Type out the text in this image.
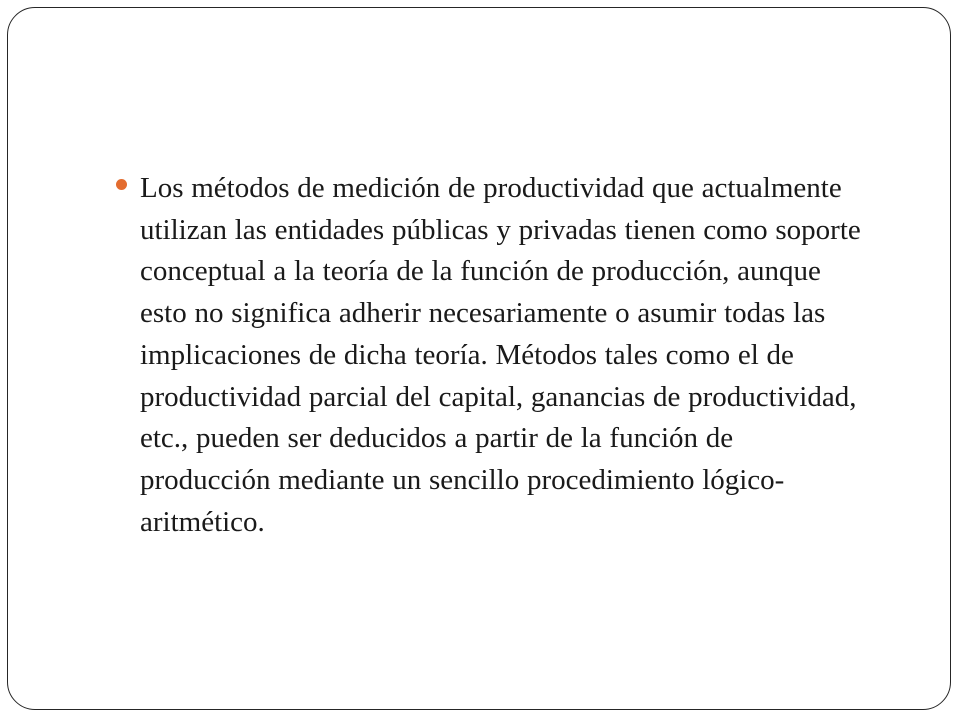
Los métodos de medición de productividad que actualmente
utilizan las entidades públicas y privadas tienen como soporte
conceptual a la teoría de la función de producción, aunque
esto no significa adherir necesariamente o asumir todas las
implicaciones de dicha teoría. Métodos tales como el de
productividad parcial del capital, ganancias de productividad,
etc., pueden ser deducidos a partir de la función de
producción mediante un sencillo procedimiento lógico-
aritmético.
